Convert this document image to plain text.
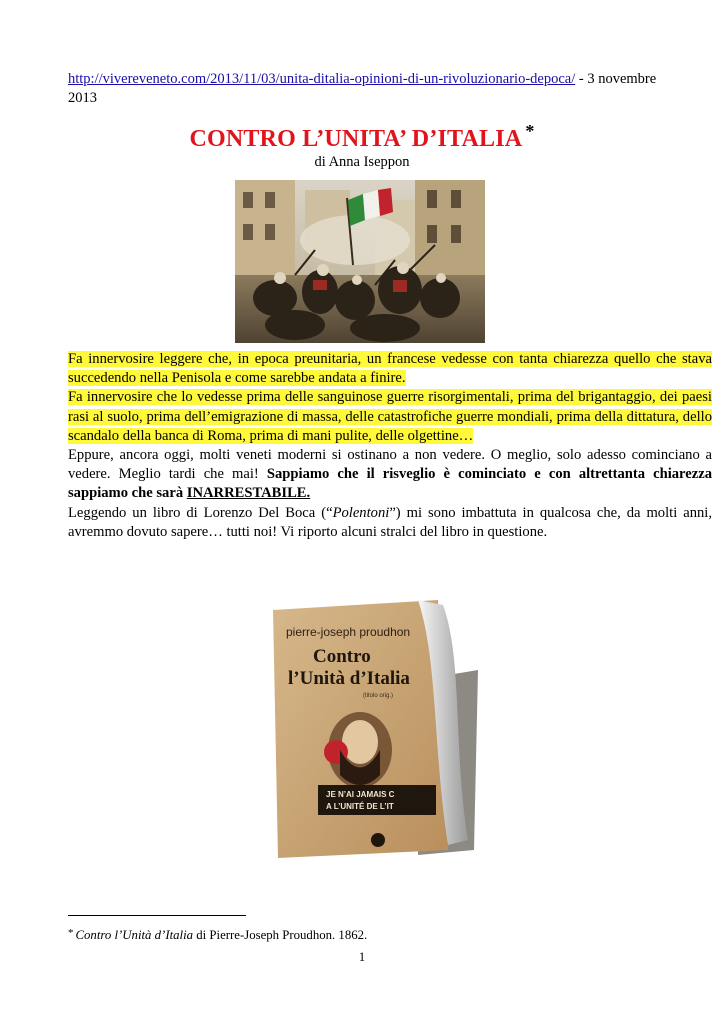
http://vivereveneto.com/2013/11/03/unita-ditalia-opinioni-di-un-rivoluzionario-depoca/ - 3 novembre 2013
CONTRO L’UNITA’ D’ITALIA *
di Anna Iseppon

Fa innervosire leggere che, in epoca preunitaria, un francese vedesse con tanta chiarezza quello che stava succedendo nella Penisola e come sarebbe andata a finire.
Fa innervosire che lo vedesse prima delle sanguinose guerre risorgimentali, prima del brigantaggio, dei paesi rasi al suolo, prima dell’emigrazione di massa, delle catastrofiche guerre mondiali, prima della dittatura, dello scandalo della banca di Roma, prima di mani pulite, delle olgettine…

Eppure, ancora oggi, molti veneti moderni si ostinano a non vedere. O meglio, solo adesso cominciano a vedere. Meglio tardi che mai! Sappiamo che il risveglio è cominciato e con altrettanta chiarezza sappiamo che sarà INARRESTABILE.

Leggendo un libro di Lorenzo Del Boca (“Polentoni”) mi sono imbattuta in qualcosa che, da molti anni, avremmo dovuto sapere… tutti noi! Vi riporto alcuni stralci del libro in questione.

pierre-joseph proudhon
Contro
l’Unità d’Italia
(titolo orig.)
JE N’AI JAMAIS C
A L’UNITÉ DE L’IT
* Contro l’Unità d’Italia di Pierre-Joseph Proudhon. 1862.
1
